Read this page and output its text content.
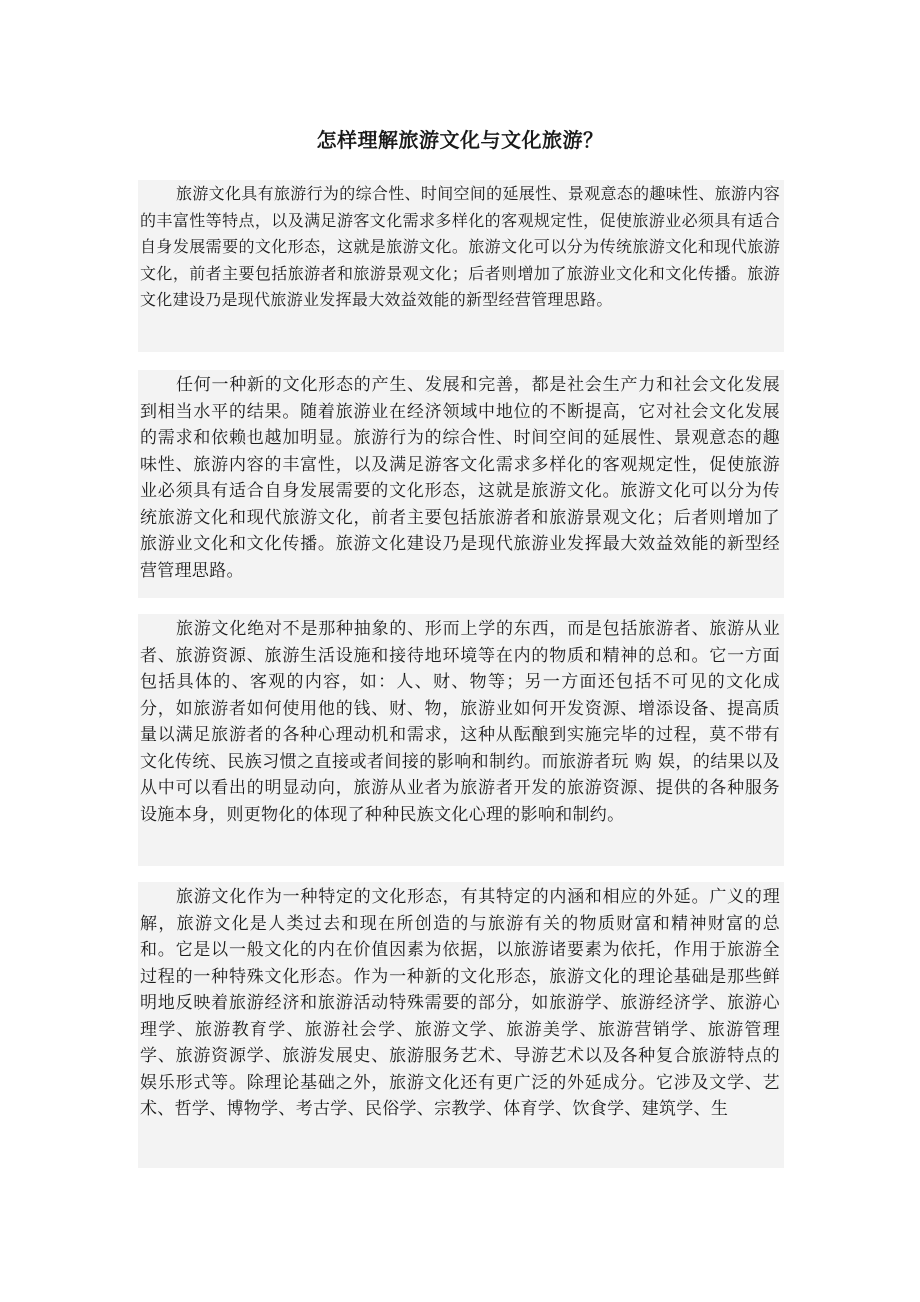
怎样理解旅游文化与文化旅游？

旅游文化具有旅游行为的综合性、时间空间的延展性、景观意态的趣味性、旅游内容的丰富性等特点，以及满足游客文化需求多样化的客观规定性，促使旅游业必须具有适合自身发展需要的文化形态，这就是旅游文化。旅游文化可以分为传统旅游文化和现代旅游文化，前者主要包括旅游者和旅游景观文化；后者则增加了旅游业文化和文化传播。旅游文化建设乃是现代旅游业发挥最大效益效能的新型经营管理思路。

任何一种新的文化形态的产生、发展和完善，都是社会生产力和社会文化发展到相当水平的结果。随着旅游业在经济领域中地位的不断提高，它对社会文化发展的需求和依赖也越加明显。旅游行为的综合性、时间空间的延展性、景观意态的趣味性、旅游内容的丰富性，以及满足游客文化需求多样化的客观规定性，促使旅游业必须具有适合自身发展需要的文化形态，这就是旅游文化。旅游文化可以分为传统旅游文化和现代旅游文化，前者主要包括旅游者和旅游景观文化；后者则增加了旅游业文化和文化传播。旅游文化建设乃是现代旅游业发挥最大效益效能的新型经营管理思路。

旅游文化绝对不是那种抽象的、形而上学的东西，而是包括旅游者、旅游从业者、旅游资源、旅游生活设施和接待地环境等在内的物质和精神的总和。它一方面包括具体的、客观的内容，如：人、财、物等；另一方面还包括不可见的文化成分，如旅游者如何使用他的钱、财、物，旅游业如何开发资源、增添设备、提高质量以满足旅游者的各种心理动机和需求，这种从酝酿到实施完毕的过程，莫不带有文化传统、民族习惯之直接或者间接的影响和制约。而旅游者玩 购 娱，的结果以及从中可以看出的明显动向，旅游从业者为旅游者开发的旅游资源、提供的各种服务设施本身，则更物化的体现了种种民族文化心理的影响和制约。

旅游文化作为一种特定的文化形态，有其特定的内涵和相应的外延。广义的理解，旅游文化是人类过去和现在所创造的与旅游有关的物质财富和精神财富的总和。它是以一般文化的内在价值因素为依据，以旅游诸要素为依托，作用于旅游全过程的一种特殊文化形态。作为一种新的文化形态，旅游文化的理论基础是那些鲜明地反映着旅游经济和旅游活动特殊需要的部分，如旅游学、旅游经济学、旅游心理学、旅游教育学、旅游社会学、旅游文学、旅游美学、旅游营销学、旅游管理学、旅游资源学、旅游发展史、旅游服务艺术、导游艺术以及各种复合旅游特点的娱乐形式等。除理论基础之外，旅游文化还有更广泛的外延成分。它涉及文学、艺术、哲学、博物学、考古学、民俗学、宗教学、体育学、饮食学、建筑学、生
